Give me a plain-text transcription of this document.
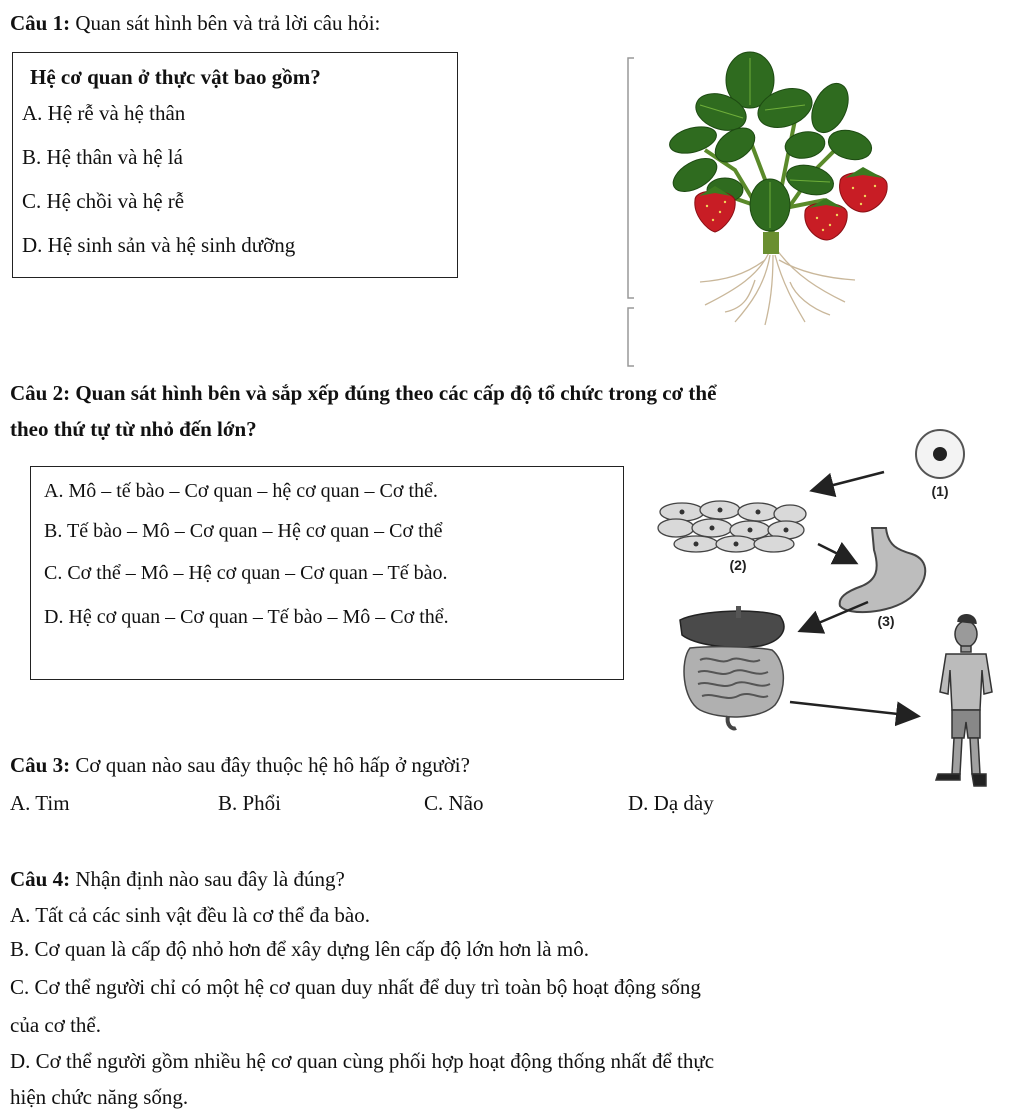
Câu 1: Quan sát hình bên và trả lời câu hỏi:
Hệ cơ quan ở thực vật bao gồm?
A. Hệ rễ và hệ thân
B. Hệ thân và hệ lá
C. Hệ chồi và hệ rễ
D. Hệ sinh sản và hệ sinh dưỡng
Câu 2: Quan sát hình bên và sắp xếp đúng theo các cấp độ tổ chức trong cơ thể
theo thứ tự từ nhỏ đến lớn?
A. Mô – tế bào – Cơ quan – hệ cơ quan – Cơ thể.
B. Tế bào – Mô – Cơ quan – Hệ cơ quan – Cơ thể
C. Cơ thể – Mô – Hệ cơ quan – Cơ quan – Tế bào.
D. Hệ cơ quan – Cơ quan – Tế bào – Mô – Cơ thể.
(1)
(2)
(3)
Câu 3: Cơ quan nào sau đây thuộc hệ hô hấp ở người?
A. Tim	B. Phổi	C. Não	D. Dạ dày
Câu 4: Nhận định nào sau đây là đúng?
A. Tất cả các sinh vật đều là cơ thể đa bào.
B. Cơ quan là cấp độ nhỏ hơn để xây dựng lên cấp độ lớn hơn là mô.
C. Cơ thể người chỉ có một hệ cơ quan duy nhất để duy trì toàn bộ hoạt động sống
của cơ thể.
D. Cơ thể người gồm nhiều hệ cơ quan cùng phối hợp hoạt động thống nhất để thực
hiện chức năng sống.
